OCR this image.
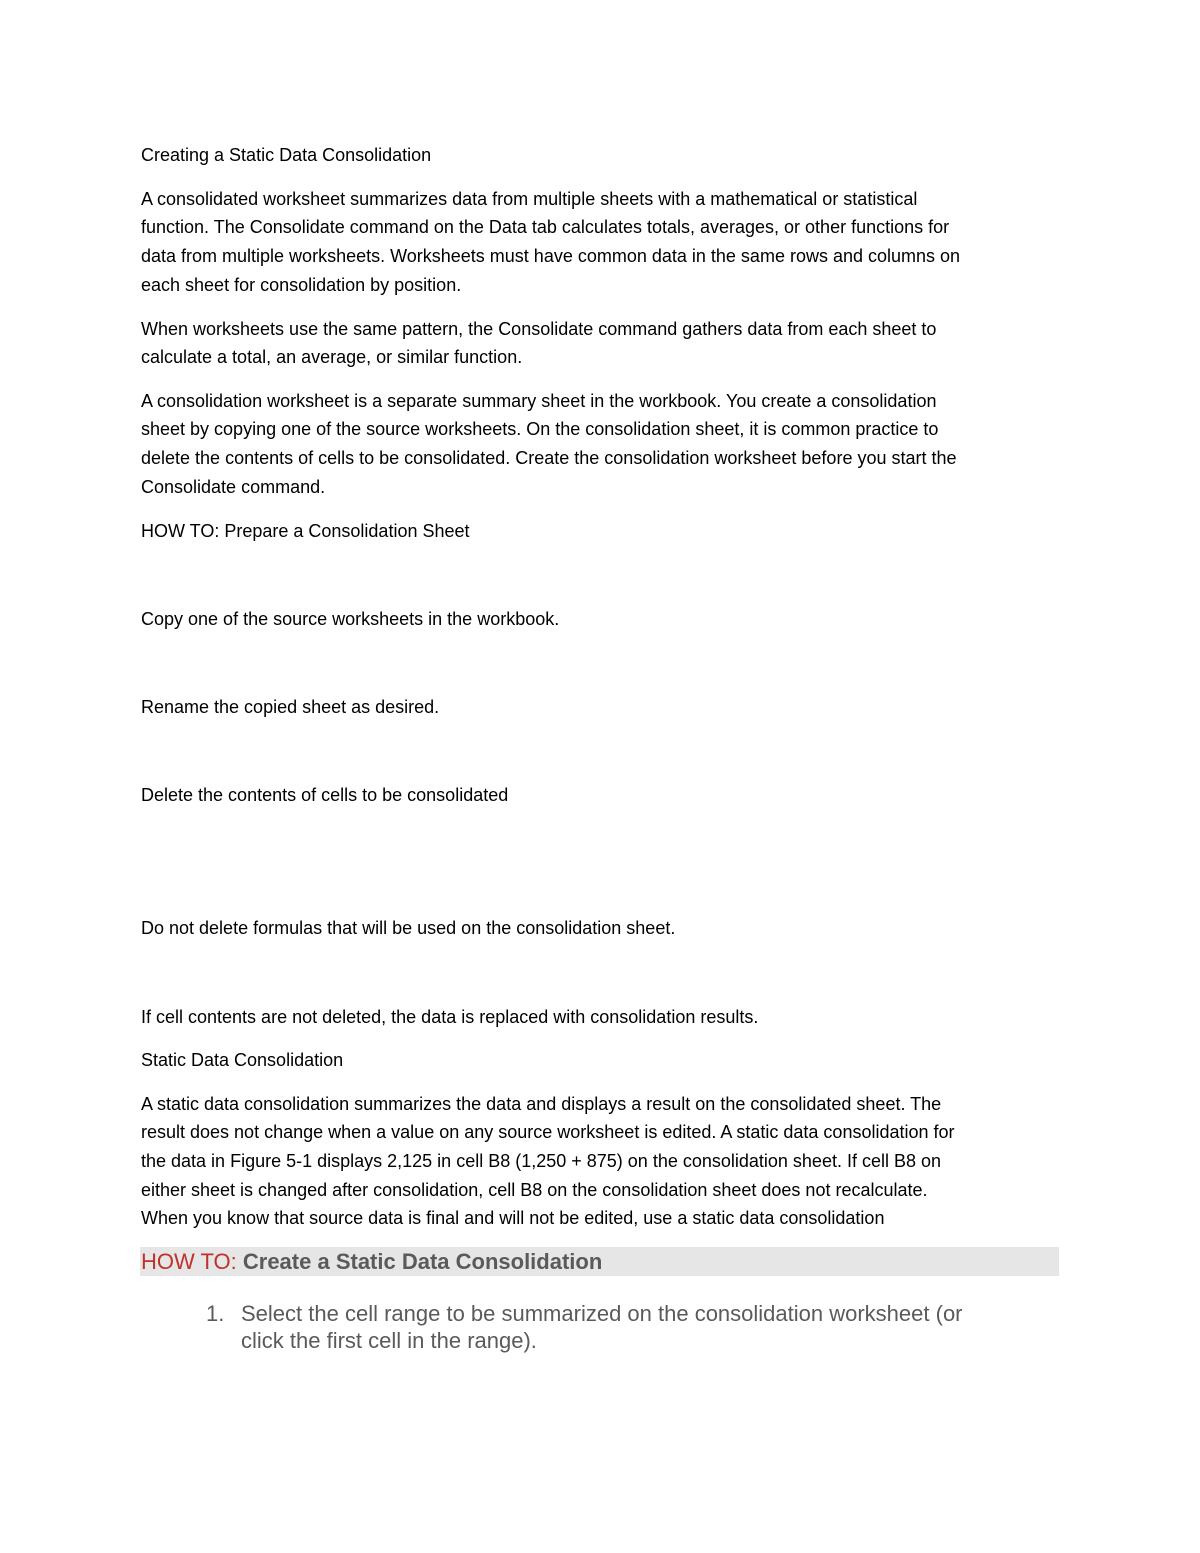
Creating a Static Data Consolidation

A consolidated worksheet summarizes data from multiple sheets with a mathematical or statistical

function. The Consolidate command on the Data tab calculates totals, averages, or other functions for

data from multiple worksheets. Worksheets must have common data in the same rows and columns on

each sheet for consolidation by position.

When worksheets use the same pattern, the Consolidate command gathers data from each sheet to

calculate a total, an average, or similar function.

A consolidation worksheet is a separate summary sheet in the workbook. You create a consolidation

sheet by copying one of the source worksheets. On the consolidation sheet, it is common practice to

delete the contents of cells to be consolidated. Create the consolidation worksheet before you start the

Consolidate command.

HOW TO: Prepare a Consolidation Sheet

Copy one of the source worksheets in the workbook.

Rename the copied sheet as desired.

Delete the contents of cells to be consolidated

Do not delete formulas that will be used on the consolidation sheet.

If cell contents are not deleted, the data is replaced with consolidation results.

Static Data Consolidation

A static data consolidation summarizes the data and displays a result on the consolidated sheet. The

result does not change when a value on any source worksheet is edited. A static data consolidation for

the data in Figure 5-1 displays 2,125 in cell B8 (1,250 + 875) on the consolidation sheet. If cell B8 on

either sheet is changed after consolidation, cell B8 on the consolidation sheet does not recalculate.

When you know that source data is final and will not be edited, use a static data consolidation

HOW TO: Create a Static Data Consolidation
1. Select the cell range to be summarized on the consolidation worksheet (or
click the first cell in the range).
